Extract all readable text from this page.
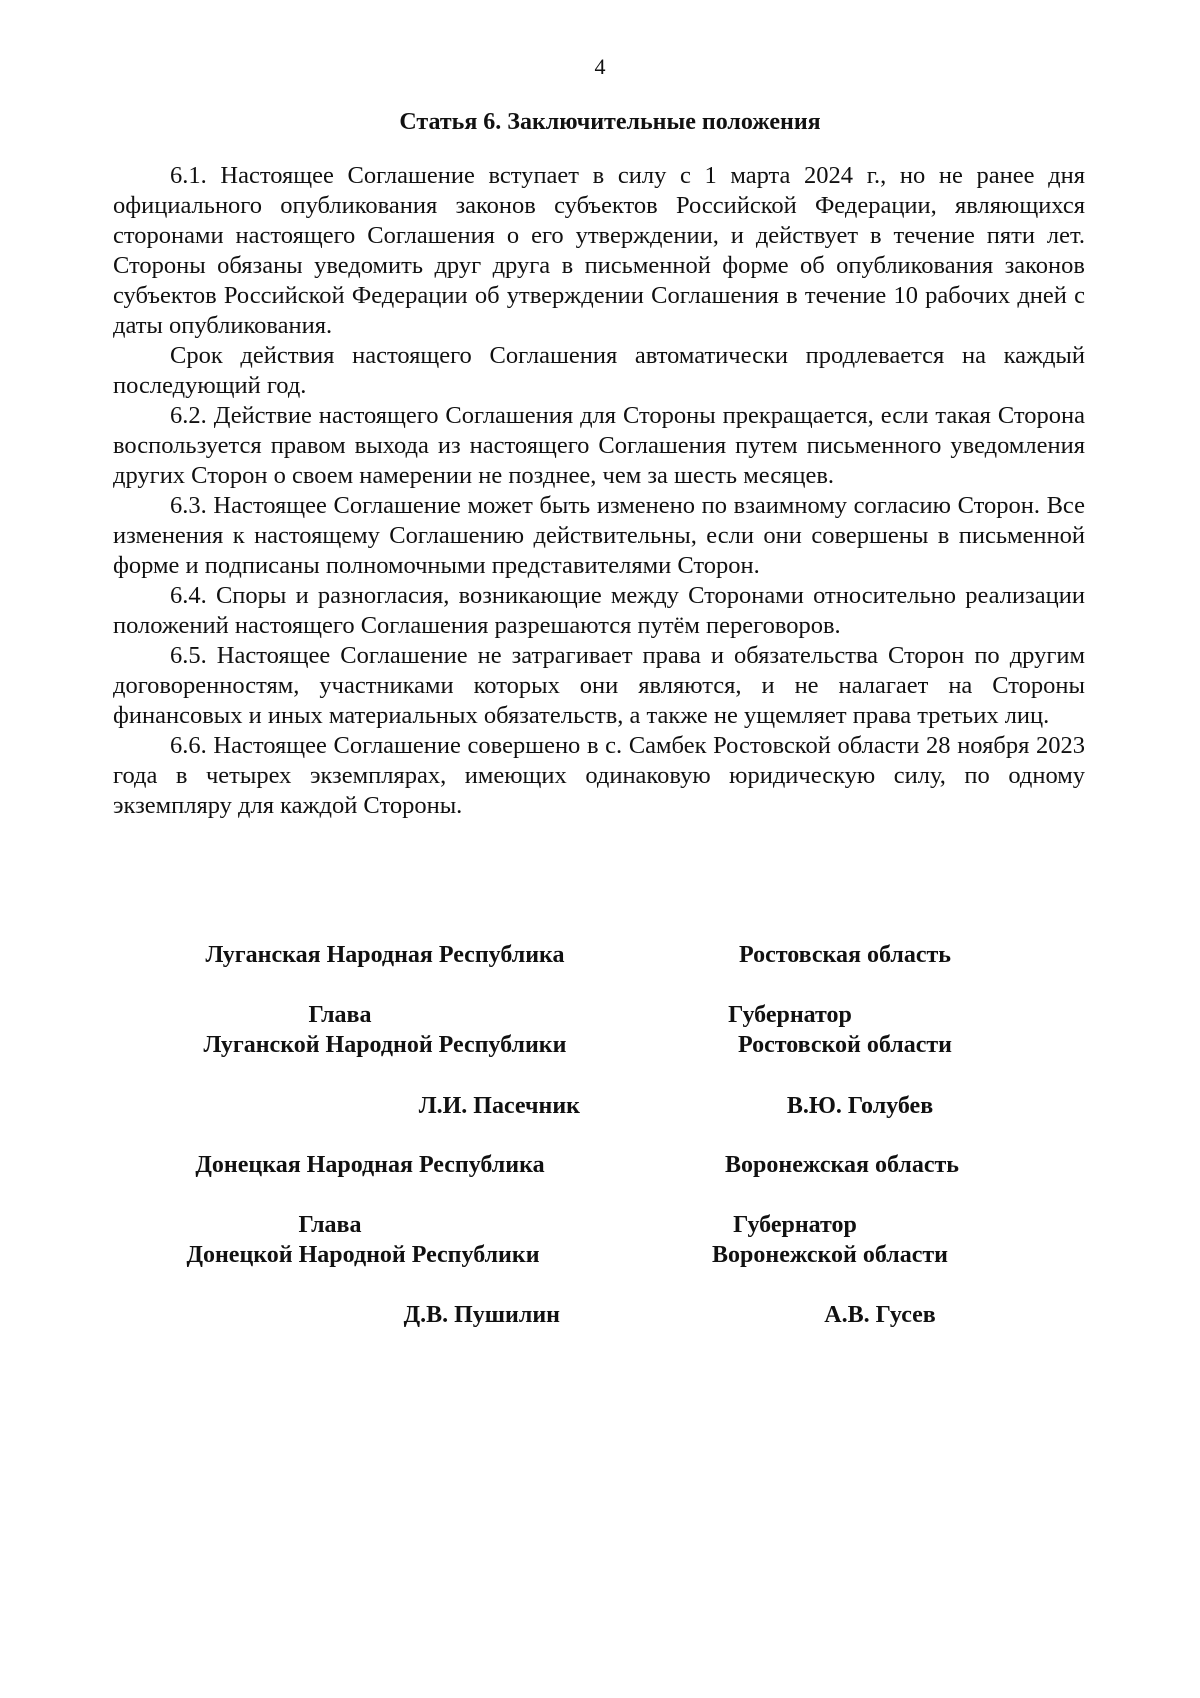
4
Статья 6. Заключительные положения

6.1. Настоящее Соглашение вступает в силу с 1 марта 2024 г., но не ранее дня официального опубликования законов субъектов Российской Федерации, являющихся сторонами настоящего Соглашения о его утверждении, и действует в течение пяти лет. Стороны обязаны уведомить друг друга в письменной форме об опубликования законов субъектов Российской Федерации об утверждении Соглашения в течение 10 рабочих дней с даты опубликования.

Срок действия настоящего Соглашения автоматически продлевается на каждый последующий год.

6.2. Действие настоящего Соглашения для Стороны прекращается, если такая Сторона воспользуется правом выхода из настоящего Соглашения путем письменного уведомления других Сторон о своем намерении не позднее, чем за шесть месяцев.

6.3. Настоящее Соглашение может быть изменено по взаимному согласию Сторон. Все изменения к настоящему Соглашению действительны, если они совершены в письменной форме и подписаны полномочными представителями Сторон.

6.4. Споры и разногласия, возникающие между Сторонами относительно реализации положений настоящего Соглашения разрешаются путём переговоров.

6.5. Настоящее Соглашение не затрагивает права и обязательства Сторон по другим договоренностям, участниками которых они являются, и не налагает на Стороны финансовых и иных материальных обязательств, а также не ущемляет права третьих лиц.

6.6. Настоящее Соглашение совершено в с. Самбек Ростовской области 28 ноября 2023 года в четырех экземплярах, имеющих одинаковую юридическую силу, по одному экземпляру для каждой Стороны.

Луганская Народная Республика	Ростовская область
Глава	Губернатор
Луганской Народной Республики	Ростовской области
Л.И. Пасечник	В.Ю. Голубев
Донецкая Народная Республика	Воронежская область
Глава	Губернатор
Донецкой Народной Республики	Воронежской области
Д.В. Пушилин	А.В. Гусев
